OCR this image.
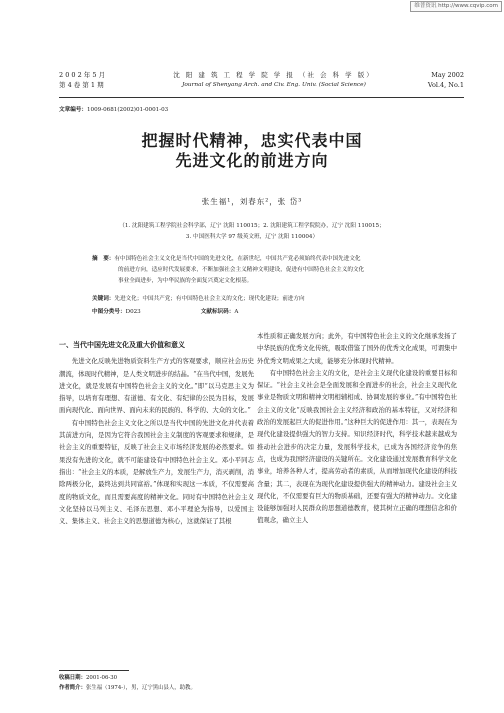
维普资讯 http://www.cqvip.com
2 0 0 2 年 5 月
第 4 卷 第 1 期
沈 阳 建 筑 工 程 学 院 学 报 （社 会 科 学 版）
Journal of Shenyang Arch. and Civ. Eng. Univ. (Social Science)
May 2002
Vol.4, No.1
文章编号：1009-0681(2002)01-0001-03
把握时代精神，忠实代表中国
先进文化的前进方向
张生福¹，刘春东²，张 岱³
（1. 沈阳建筑工程学院社会科学部，辽宁 沈阳 110015；2. 沈阳建筑工程学院院办，辽宁 沈阳 110015；
3. 中国医科大学 97 级英文班，辽宁 沈阳 110004）
摘　要：有中国特色社会主义文化是当代中国的先进文化，在新世纪，中国共产党必须始终代表中国先进文化
的前进方向，适应时代发展要求，不断加强社会主义精神文明建设，促进有中国特色社会主义的文化
事业全面进步，为中华民族的全面复兴奠定文化根基。
关键词：先进文化；中国共产党；有中国特色社会主义的文化；现代化建设；前进方向
中图分类号：D023	文献标识码：A
一、当代中国先进文化及重大价值和意义

先进文化反映先进物质资料生产方式的客观要求，顺应社会历史潮流，体现时代精神，是人类文明进步的结晶。“在当代中国，发展先进文化，就是发展有中国特色社会主义的文化。”即“以马克思主义为指导，以培育有理想、有道德、有文化、有纪律的公民为目标，发展面向现代化、面向世界、面向未来的民族的、科学的、大众的文化。”

有中国特色社会主义文化之所以是当代中国的先进文化并代表着其前进方向，是因为它符合我国社会主义制度的客观要求和规律，是社会主义的重要特征，反映了社会主义市场经济发展的必然要求。如果没有先进的文化，就不可能建设有中国特色社会主义。邓小平同志指出：“社会主义的本质，是解放生产力，发展生产力，消灭剥削，消除两极分化，最终达到共同富裕。”体现和实现这一本质，不仅需要高度的物质文化，而且需要高度的精神文化。同时有中国特色社会主义文化坚持以马列主义、毛泽东思想、邓小平理论为指导，以爱国主义、集体主义、社会主义的思想道德为核心，这就保证了其根

本性质和正确发展方向；此外，有中国特色社会主义的文化继承发扬了中华民族的优秀文化传统，吸取借鉴了国外的优秀文化成果，可谓集中外优秀文明成果之大成，能够充分体现时代精神。

有中国特色社会主义的文化，是社会主义现代化建设的重要目标和保证。“社会主义社会是全面发展和全面进步的社会，社会主义现代化事业是物质文明和精神文明相辅相成、协调发展的事业。”有中国特色社会主义的文化“反映我国社会主义经济和政治的基本特征，又对经济和政治的发展起巨大的促进作用。”这种巨大的促进作用：其一，表现在为现代化建设提供强大的智力支持。知识经济时代，科学技术越来越成为推动社会进步的决定力量，发展科学技术，已成为各国经济竞争的焦点，也成为我国经济建设的关键所在。文化建设通过发展教育科学文化事业，培养各种人才，提高劳动者的素质，从而增加现代化建设的科技含量；其二，表现在为现代化建设提供强大的精神动力。建设社会主义现代化，不仅需要有巨大的物质基础，还要有强大的精神动力。文化建设能够加强对人民群众的思想道德教育，使其树立正确的理想信念和价值观念，确立主人

收稿日期：2001-06-30
作者简介：张生福（1974-），男，辽宁黑山县人，助教。
